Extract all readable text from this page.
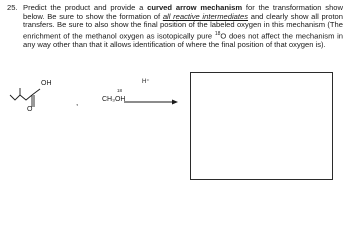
25. Predict the product and provide a curved arrow mechanism for the transformation show below. Be sure to show the formation of all reactive intermediates and clearly show all proton transfers. Be sure to also show the final position of the labeled oxygen in this mechanism (The enrichment of the methanol oxygen as isotopically pure $^{18}$O does not affect the mechanism in any way other than that it allows identification of where the final position of that oxygen is).
OH
O
,
18
CH₃OH
H⁺
